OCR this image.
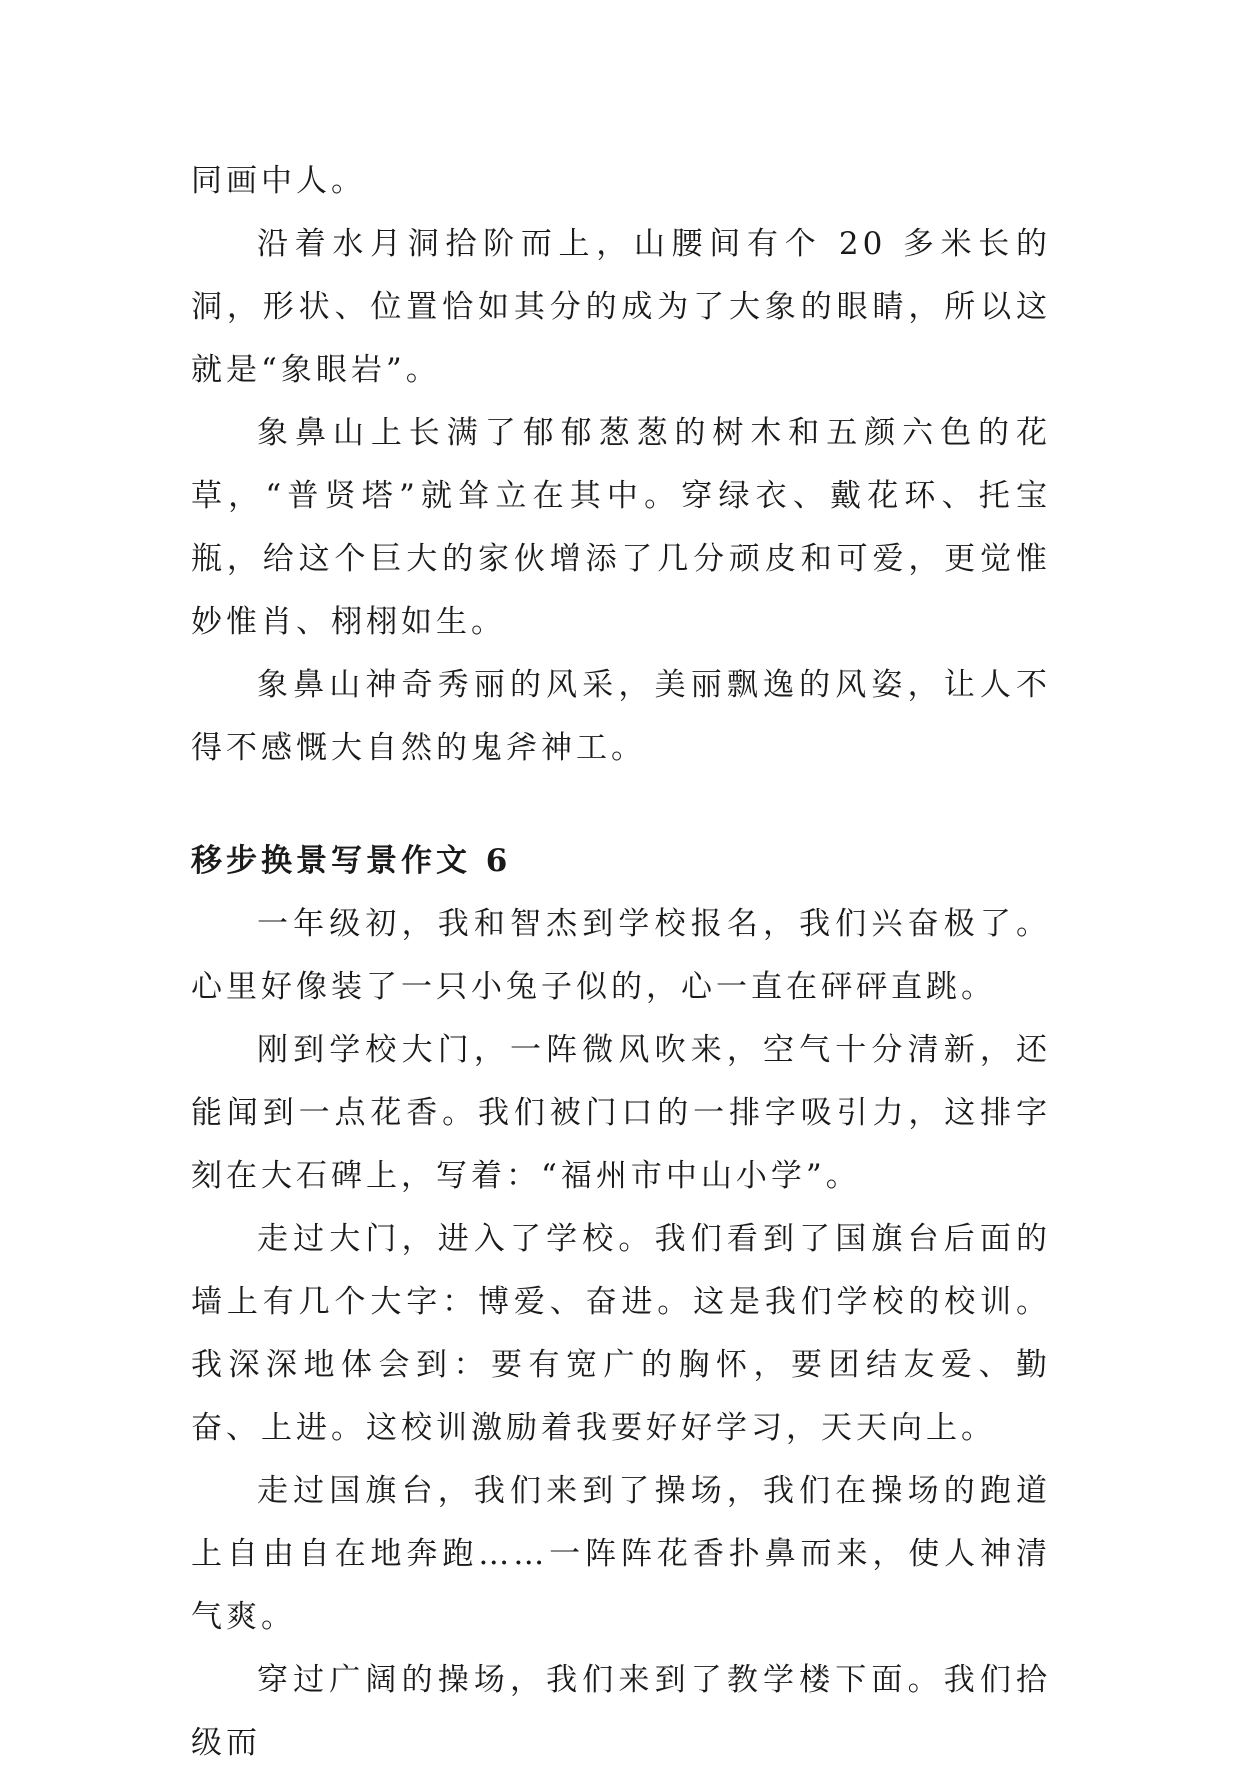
同画中人。

沿着水月洞拾阶而上，山腰间有个 20 多米长的洞，形状、位置恰如其分的成为了大象的眼睛，所以这就是“象眼岩”。

象鼻山上长满了郁郁葱葱的树木和五颜六色的花草，“普贤塔”就耸立在其中。穿绿衣、戴花环、托宝瓶，给这个巨大的家伙增添了几分顽皮和可爱，更觉惟妙惟肖、栩栩如生。

象鼻山神奇秀丽的风采，美丽飘逸的风姿，让人不得不感慨大自然的鬼斧神工。

移步换景写景作文 6

一年级初，我和智杰到学校报名，我们兴奋极了。心里好像装了一只小兔子似的，心一直在砰砰直跳。

刚到学校大门，一阵微风吹来，空气十分清新，还能闻到一点花香。我们被门口的一排字吸引力，这排字刻在大石碑上，写着：“福州市中山小学”。

走过大门，进入了学校。我们看到了国旗台后面的墙上有几个大字：博爱、奋进。这是我们学校的校训。我深深地体会到：要有宽广的胸怀，要团结友爱、勤奋、上进。这校训激励着我要好好学习，天天向上。

走过国旗台，我们来到了操场，我们在操场的跑道上自由自在地奔跑……一阵阵花香扑鼻而来，使人神清气爽。

穿过广阔的操场，我们来到了教学楼下面。我们拾级而
